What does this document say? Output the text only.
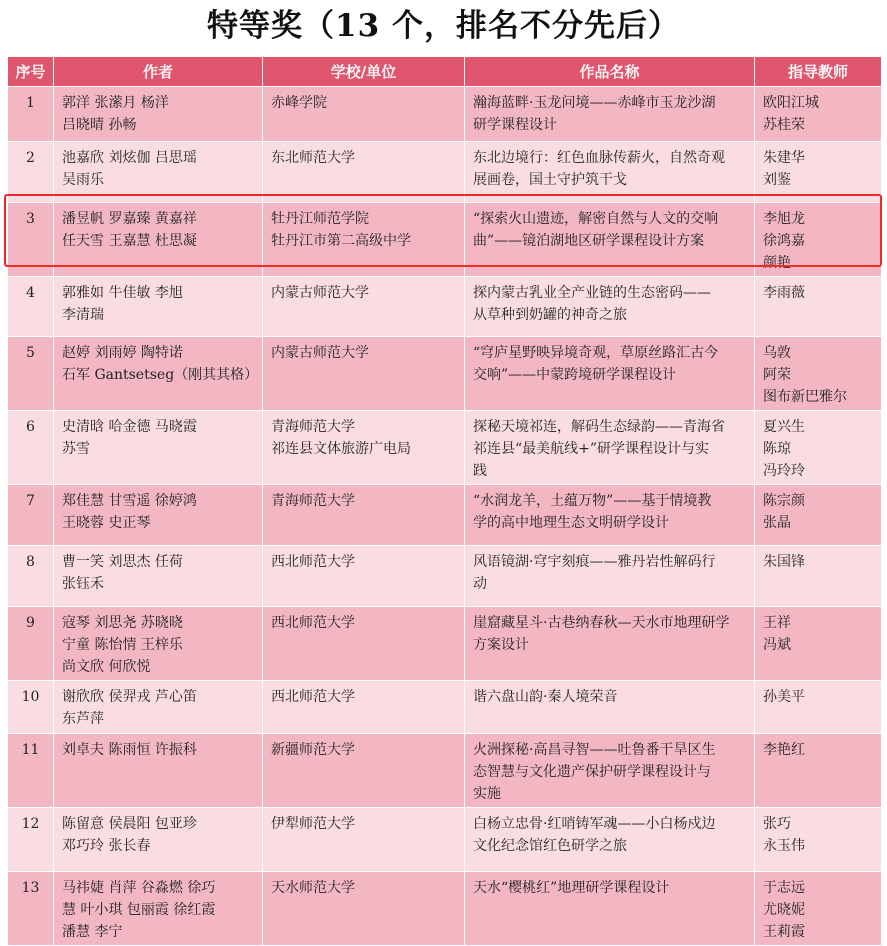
特等奖（13 个，排名不分先后）
序号	作者	学校/单位	作品名称	指导教师

1	郭洋 张潆月 杨洋
吕晓晴 孙畅	赤峰学院	瀚海蓝畔·玉龙问境——赤峰市玉龙沙湖
研学课程设计	欧阳江城
苏桂荣

2	池嘉欣 刘炫伽 吕思瑶
吴雨乐	东北师范大学	东北边境行：红色血脉传薪火，自然奇观
展画卷，国土守护筑干戈	朱建华
刘鉴

3	潘昱帆 罗嘉臻 黄嘉祥
任天雪 王嘉慧 杜思凝	牡丹江师范学院
牡丹江市第二高级中学	“探索火山遗迹，解密自然与人文的交响
曲”——镜泊湖地区研学课程设计方案	李旭龙
徐鸿嘉
颜艳

4	郭雅如 牛佳敏 李旭
李清瑞	内蒙古师范大学	探内蒙古乳业全产业链的生态密码——
从草种到奶罐的神奇之旅	李雨薇

5	赵婷 刘雨婷 陶特诺
石军 Gantsetseg（刚其其格）	内蒙古师范大学	“穹庐星野映异境奇观，草原丝路汇古今
交响”——中蒙跨境研学课程设计	乌敦
阿荣
图布新巴雅尔

6	史清晗 哈金德 马晓霞
苏雪	青海师范大学
祁连县文体旅游广电局	探秘天境祁连，解码生态绿韵——青海省
祁连县“最美航线+”研学课程设计与实
践	夏兴生
陈琼
冯玲玲

7	郑佳慧 甘雪遥 徐婷鸿
王晓蓉 史正琴	青海师范大学	“水润龙羊，土蕴万物”——基于情境教
学的高中地理生态文明研学设计	陈宗颜
张晶

8	曹一笑 刘思杰 任荷
张钰禾	西北师范大学	风语镜湖·穹宇刻痕——雅丹岩性解码行
动	朱国锋

9	寇琴 刘思尧 苏晓晓
宁童 陈怡情 王梓乐
尚文欣 何欣悦	西北师范大学	崖窟藏星斗·古巷纳春秋—天水市地理研学
方案设计	王祥
冯斌

10	谢欣欣 侯羿戎 芦心笛
东芦萍	西北师范大学	谐六盘山韵·秦人境荣音	孙美平

11	刘卓夫 陈雨恒 许振科	新疆师范大学	火洲探秘·高昌寻智——吐鲁番干旱区生
态智慧与文化遗产保护研学课程设计与
实施	李艳红

12	陈留意 侯晨阳 包亚珍
邓巧玲 张长春	伊犁师范大学	白杨立忠骨·红哨铸军魂——小白杨戍边
文化纪念馆红色研学之旅	张巧
永玉伟

13	马祎婕 肖萍 谷淼燃 徐巧
慧 叶小琪 包丽霞 徐红霞
潘慧 李宁	天水师范大学	天水“樱桃红”地理研学课程设计	于志远
尤晓妮
王莉霞
